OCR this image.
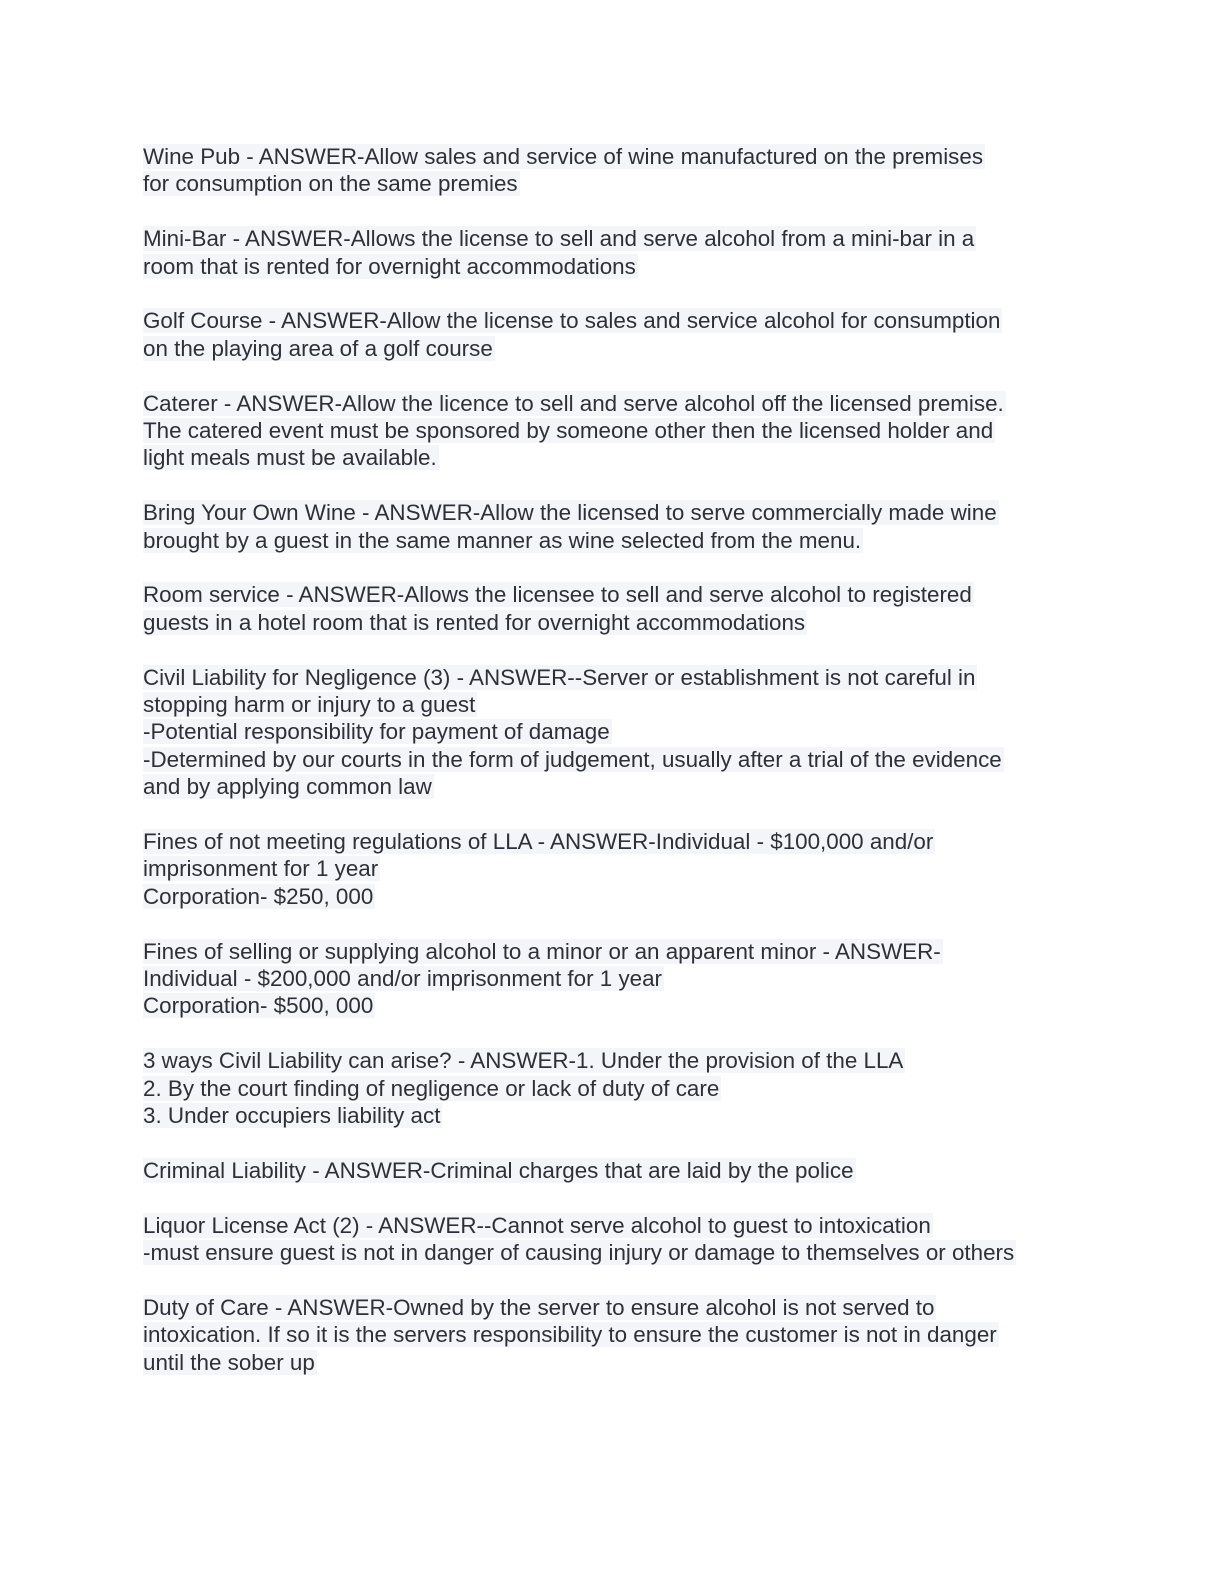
Wine Pub - ANSWER-Allow sales and service of wine manufactured on the premises
for consumption on the same premies
Mini-Bar - ANSWER-Allows the license to sell and serve alcohol from a mini-bar in a
room that is rented for overnight accommodations
Golf Course - ANSWER-Allow the license to sales and service alcohol for consumption
on the playing area of a golf course
Caterer - ANSWER-Allow the licence to sell and serve alcohol off the licensed premise.
The catered event must be sponsored by someone other then the licensed holder and
light meals must be available.
Bring Your Own Wine - ANSWER-Allow the licensed to serve commercially made wine
brought by a guest in the same manner as wine selected from the menu.
Room service - ANSWER-Allows the licensee to sell and serve alcohol to registered
guests in a hotel room that is rented for overnight accommodations
Civil Liability for Negligence (3) - ANSWER--Server or establishment is not careful in
stopping harm or injury to a guest
-Potential responsibility for payment of damage
-Determined by our courts in the form of judgement, usually after a trial of the evidence
and by applying common law
Fines of not meeting regulations of LLA - ANSWER-Individual - $100,000 and/or
imprisonment for 1 year
Corporation- $250, 000
Fines of selling or supplying alcohol to a minor or an apparent minor - ANSWER-
Individual - $200,000 and/or imprisonment for 1 year
Corporation- $500, 000
3 ways Civil Liability can arise? - ANSWER-1. Under the provision of the LLA
2. By the court finding of negligence or lack of duty of care
3. Under occupiers liability act
Criminal Liability - ANSWER-Criminal charges that are laid by the police
Liquor License Act (2) - ANSWER--Cannot serve alcohol to guest to intoxication
-must ensure guest is not in danger of causing injury or damage to themselves or others
Duty of Care - ANSWER-Owned by the server to ensure alcohol is not served to
intoxication. If so it is the servers responsibility to ensure the customer is not in danger
until the sober up
